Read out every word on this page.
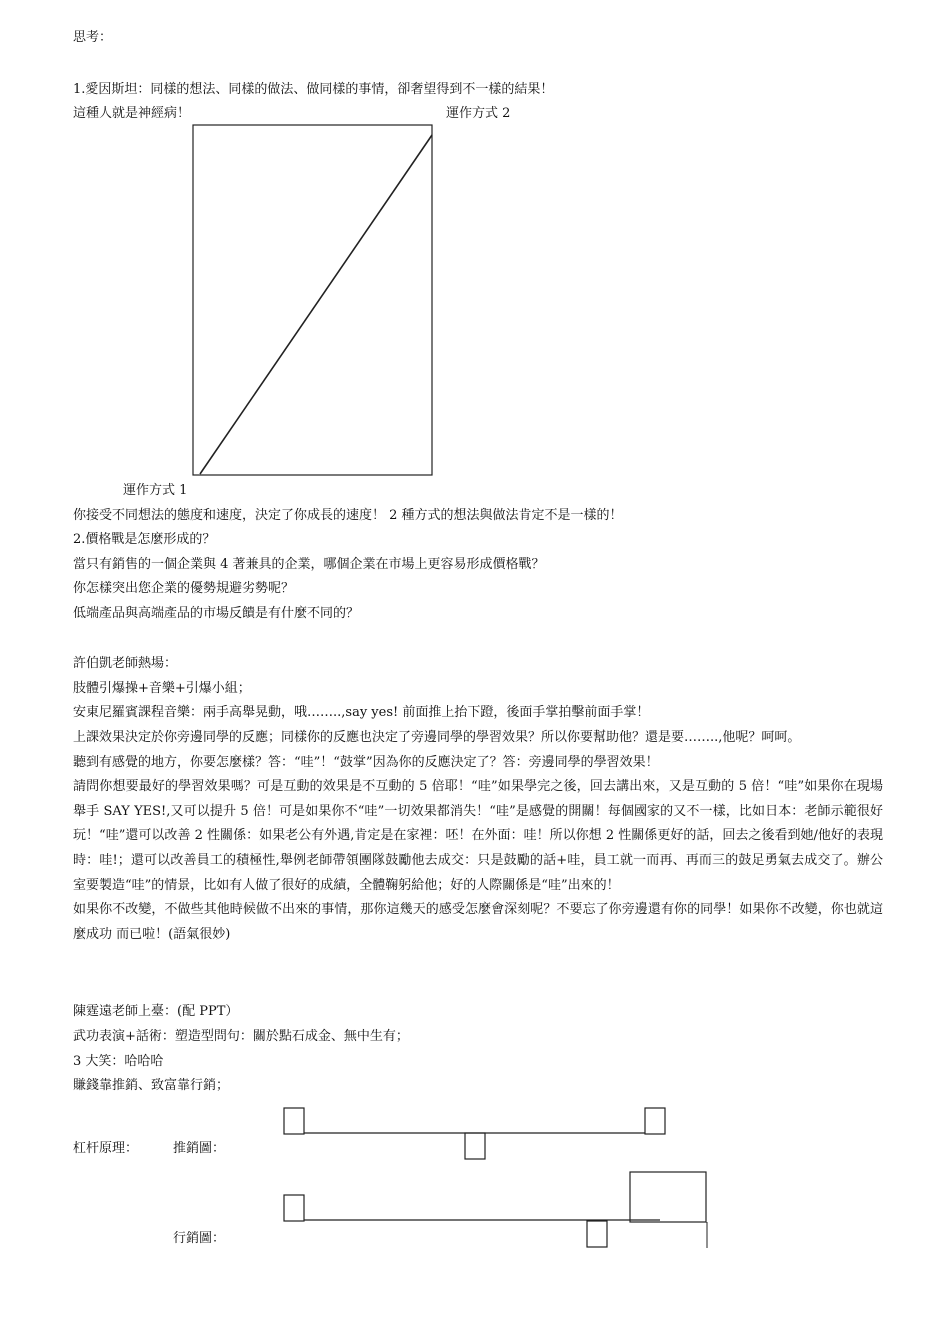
思考：
1.愛因斯坦：同樣的想法、同樣的做法、做同樣的事情，卻奢望得到不一樣的結果！
這種人就是神經病！	運作方式 2
運作方式 1
你接受不同想法的態度和速度，決定了你成長的速度！ 2 種方式的想法與做法肯定不是一樣的！
2.價格戰是怎麼形成的？
當只有銷售的一個企業與 4 著兼具的企業，哪個企業在市場上更容易形成價格戰？
你怎樣突出您企業的優勢規避劣勢呢？
低端產品與高端產品的市場反饋是有什麼不同的？
許伯凱老師熱場：
肢體引爆操+音樂+引爆小組；
安東尼羅賓課程音樂：兩手高舉晃動，哦……..,say yes! 前面推上抬下蹬，後面手掌拍擊前面手掌！

上課效果決定於你旁邊同學的反應；同樣你的反應也決定了旁邊同學的學習效果？所以你要幫助他？還是要……..,他呢？呵呵。

聽到有感覺的地方，你要怎麼樣？答：“哇”！“鼓掌”因為你的反應決定了？答：旁邊同學的學習效果！

請問你想要最好的學習效果嗎？可是互動的效果是不互動的 5 倍耶！“哇”如果學完之後，回去講出來，又是互動的 5 倍！“哇”如果你在現場舉手 SAY YES!,又可以提升 5 倍！可是如果你不“哇”一切效果都消失！“哇”是感覺的開關！每個國家的又不一樣，比如日本：老師示範很好玩！“哇”還可以改善 2 性關係：如果老公有外遇,肯定是在家裡：呸！在外面：哇！所以你想 2 性關係更好的話，回去之後看到她/他好的表現時：哇!；還可以改善員工的積極性,舉例老師帶領團隊鼓勵他去成交：只是鼓勵的話+哇，員工就一而再、再而三的鼓足勇氣去成交了。辦公室要製造“哇”的情景，比如有人做了很好的成績，全體鞠躬給他；好的人際關係是“哇”出來的！

如果你不改變，不做些其他時候做不出來的事情，那你這幾天的感受怎麼會深刻呢？不要忘了你旁邊還有你的同學！如果你不改變，你也就這麼成功 而已啦！(語氣很妙)

陳霆遠老師上臺：(配 PPT）
武功表演+話術：塑造型問句：關於點石成金、無中生有；
3 大笑：哈哈哈
賺錢靠推銷、致富靠行銷；
杠杆原理：	推銷圖：
行銷圖：
